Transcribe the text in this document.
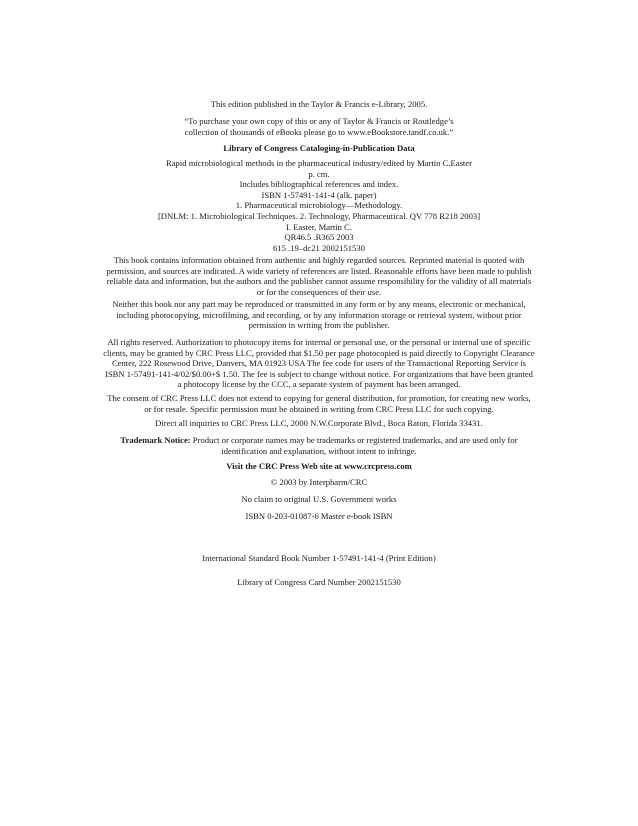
This edition published in the Taylor & Francis e-Library, 2005.
“To purchase your own copy of this or any of Taylor & Francis or Routledge’s
collection of thousands of eBooks please go to www.eBookstore.tandf.co.uk.”
Library of Congress Cataloging-in-Publication Data
Rapid microbiological methods in the pharmaceutical industry/edited by Martin C.Easter
p. cm.
Includes bibliographical references and index.
ISBN 1-57491-141-4 (alk. paper)
1. Pharmaceutical microbiology—Methodology.
[DNLM: 1. Microbiological Techniques. 2. Technology, Pharmaceutical. QV 778 R218 2003]
I. Easter, Martin C.
QR46.5 .R365 2003
615 .19–dc21 2002151530
This book contains information obtained from authentic and highly regarded sources. Reprinted material is quoted with
permission, and sources are indicated. A wide variety of references are listed. Reasonable efforts have been made to publish
reliable data and information, but the authors and the publisher cannot assume responsibility for the validity of all materials
or for the consequences of their use.
Neither this book nor any part may be reproduced or transmitted in any form or by any means, electronic or mechanical,
including photocopying, microfilming, and recording, or by any information storage or retrieval system, without prior
permission in writing from the publisher.
All rights reserved. Authorization to photocopy items for internal or personal use, or the personal or internal use of specific
clients, may be granted by CRC Press LLC, provided that $1.50 per page photocopied is paid directly to Copyright Clearance
Center, 222 Rosewood Drive, Danvers, MA 01923 USA The fee code for users of the Transactional Reporting Service is
ISBN 1-57491-141-4/02/$0.00+$ 1.50. The fee is subject to change without notice. For organizations that have been granted
a photocopy license by the CCC, a separate system of payment has been arranged.
The consent of CRC Press LLC does not extend to copying for general distribution, for promotion, for creating new works,
or for resale. Specific permission must be obtained in writing from CRC Press LLC for such copying.
Direct all inquiries to CRC Press LLC, 2000 N.W.Corporate Blvd., Boca Raton, Florida 33431.
Trademark Notice: Product or corporate names may be trademarks or registered trademarks, and are used only for
identification and explanation, without intent to infringe.
Visit the CRC Press Web site at www.crcpress.com
© 2003 by Interpharm/CRC
No claim to original U.S. Government works
ISBN 0-203-01087-6 Master e-book ISBN
International Standard Book Number 1-57491-141-4 (Print Edition)
Library of Congress Card Number 2002151530
